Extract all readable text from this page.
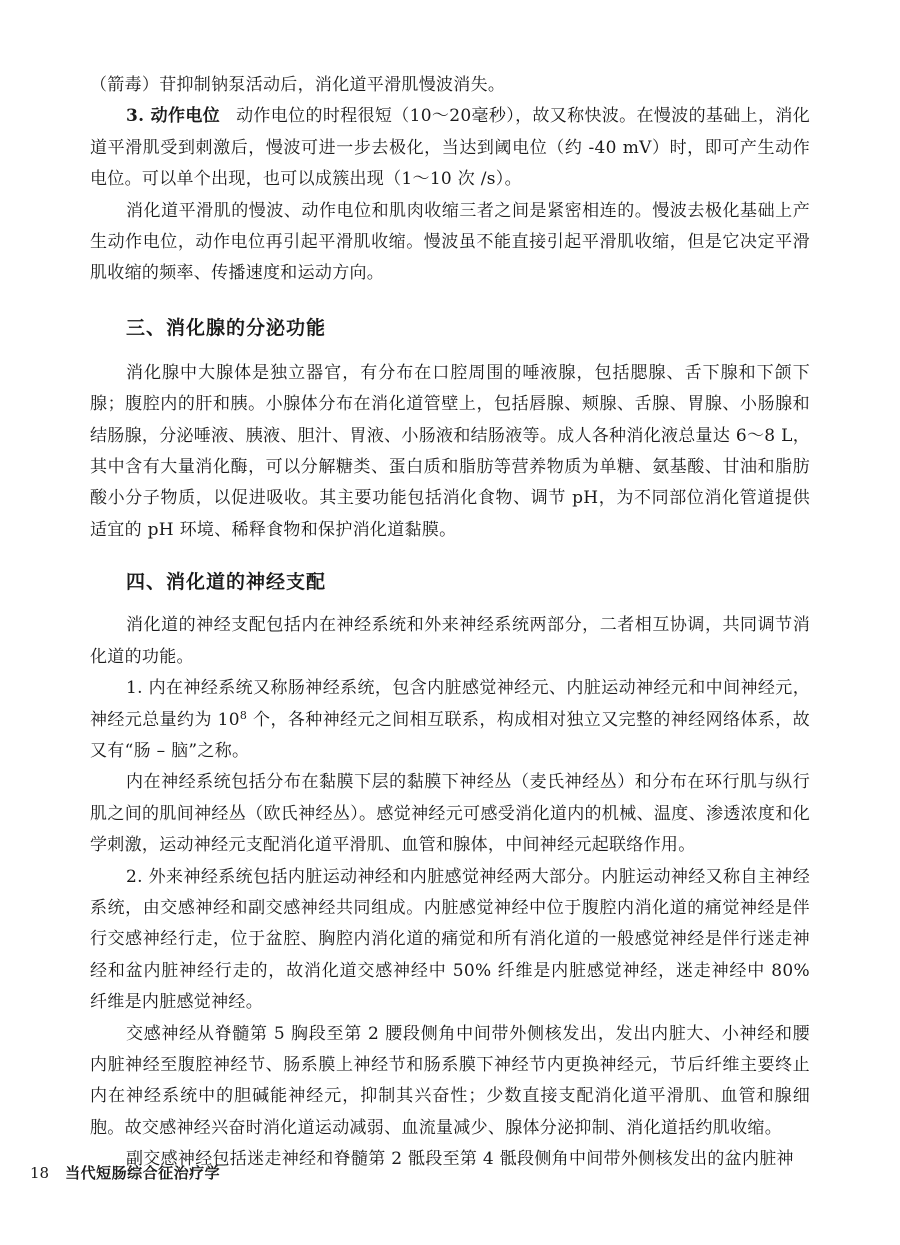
（箭毒）苷抑制钠泵活动后，消化道平滑肌慢波消失。

3. 动作电位 动作电位的时程很短（10～20毫秒），故又称快波。在慢波的基础上，消化道平滑肌受到刺激后，慢波可进一步去极化，当达到阈电位（约 -40 mV）时，即可产生动作电位。可以单个出现，也可以成簇出现（1～10 次 /s）。

消化道平滑肌的慢波、动作电位和肌肉收缩三者之间是紧密相连的。慢波去极化基础上产生动作电位，动作电位再引起平滑肌收缩。慢波虽不能直接引起平滑肌收缩，但是它决定平滑肌收缩的频率、传播速度和运动方向。

三、消化腺的分泌功能

消化腺中大腺体是独立器官，有分布在口腔周围的唾液腺，包括腮腺、舌下腺和下颌下腺；腹腔内的肝和胰。小腺体分布在消化道管壁上，包括唇腺、颊腺、舌腺、胃腺、小肠腺和结肠腺，分泌唾液、胰液、胆汁、胃液、小肠液和结肠液等。成人各种消化液总量达 6～8 L，其中含有大量消化酶，可以分解糖类、蛋白质和脂肪等营养物质为单糖、氨基酸、甘油和脂肪酸小分子物质，以促进吸收。其主要功能包括消化食物、调节 pH，为不同部位消化管道提供适宜的 pH 环境、稀释食物和保护消化道黏膜。

四、消化道的神经支配

消化道的神经支配包括内在神经系统和外来神经系统两部分，二者相互协调，共同调节消化道的功能。

1. 内在神经系统又称肠神经系统，包含内脏感觉神经元、内脏运动神经元和中间神经元，神经元总量约为 $10^8$ 个，各种神经元之间相互联系，构成相对独立又完整的神经网络体系，故又有“肠 – 脑”之称。

内在神经系统包括分布在黏膜下层的黏膜下神经丛（麦氏神经丛）和分布在环行肌与纵行肌之间的肌间神经丛（欧氏神经丛）。感觉神经元可感受消化道内的机械、温度、渗透浓度和化学刺激，运动神经元支配消化道平滑肌、血管和腺体，中间神经元起联络作用。

2. 外来神经系统包括内脏运动神经和内脏感觉神经两大部分。内脏运动神经又称自主神经系统，由交感神经和副交感神经共同组成。内脏感觉神经中位于腹腔内消化道的痛觉神经是伴行交感神经行走，位于盆腔、胸腔内消化道的痛觉和所有消化道的一般感觉神经是伴行迷走神经和盆内脏神经行走的，故消化道交感神经中 50% 纤维是内脏感觉神经，迷走神经中 80% 纤维是内脏感觉神经。

交感神经从脊髓第 5 胸段至第 2 腰段侧角中间带外侧核发出，发出内脏大、小神经和腰内脏神经至腹腔神经节、肠系膜上神经节和肠系膜下神经节内更换神经元，节后纤维主要终止内在神经系统中的胆碱能神经元，抑制其兴奋性；少数直接支配消化道平滑肌、血管和腺细胞。故交感神经兴奋时消化道运动减弱、血流量减少、腺体分泌抑制、消化道括约肌收缩。

副交感神经包括迷走神经和脊髓第 2 骶段至第 4 骶段侧角中间带外侧核发出的盆内脏神

18 当代短肠综合征治疗学
